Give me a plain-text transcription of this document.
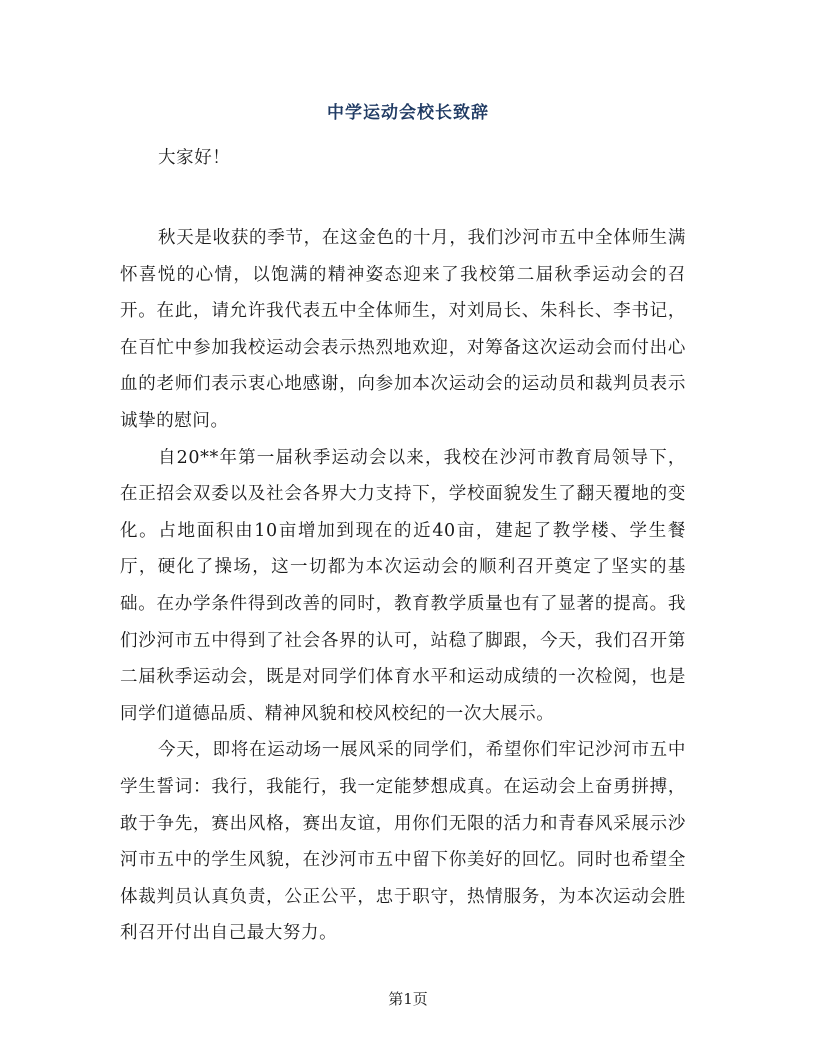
中学运动会校长致辞

大家好！

秋天是收获的季节，在这金色的十月，我们沙河市五中全体师生满怀喜悦的心情，以饱满的精神姿态迎来了我校第二届秋季运动会的召开。在此，请允许我代表五中全体师生，对刘局长、朱科长、李书记，在百忙中参加我校运动会表示热烈地欢迎，对筹备这次运动会而付出心血的老师们表示衷心地感谢，向参加本次运动会的运动员和裁判员表示诚挚的慰问。

自20**年第一届秋季运动会以来，我校在沙河市教育局领导下，在正招会双委以及社会各界大力支持下，学校面貌发生了翻天覆地的变化。占地面积由10亩增加到现在的近40亩，建起了教学楼、学生餐厅，硬化了操场，这一切都为本次运动会的顺利召开奠定了坚实的基础。在办学条件得到改善的同时，教育教学质量也有了显著的提高。我们沙河市五中得到了社会各界的认可，站稳了脚跟，今天，我们召开第二届秋季运动会，既是对同学们体育水平和运动成绩的一次检阅，也是同学们道德品质、精神风貌和校风校纪的一次大展示。

今天，即将在运动场一展风采的同学们，希望你们牢记沙河市五中学生誓词：我行，我能行，我一定能梦想成真。在运动会上奋勇拼搏，敢于争先，赛出风格，赛出友谊，用你们无限的活力和青春风采展示沙河市五中的学生风貌，在沙河市五中留下你美好的回忆。同时也希望全体裁判员认真负责，公正公平，忠于职守，热情服务，为本次运动会胜利召开付出自己最大努力。

第1页
